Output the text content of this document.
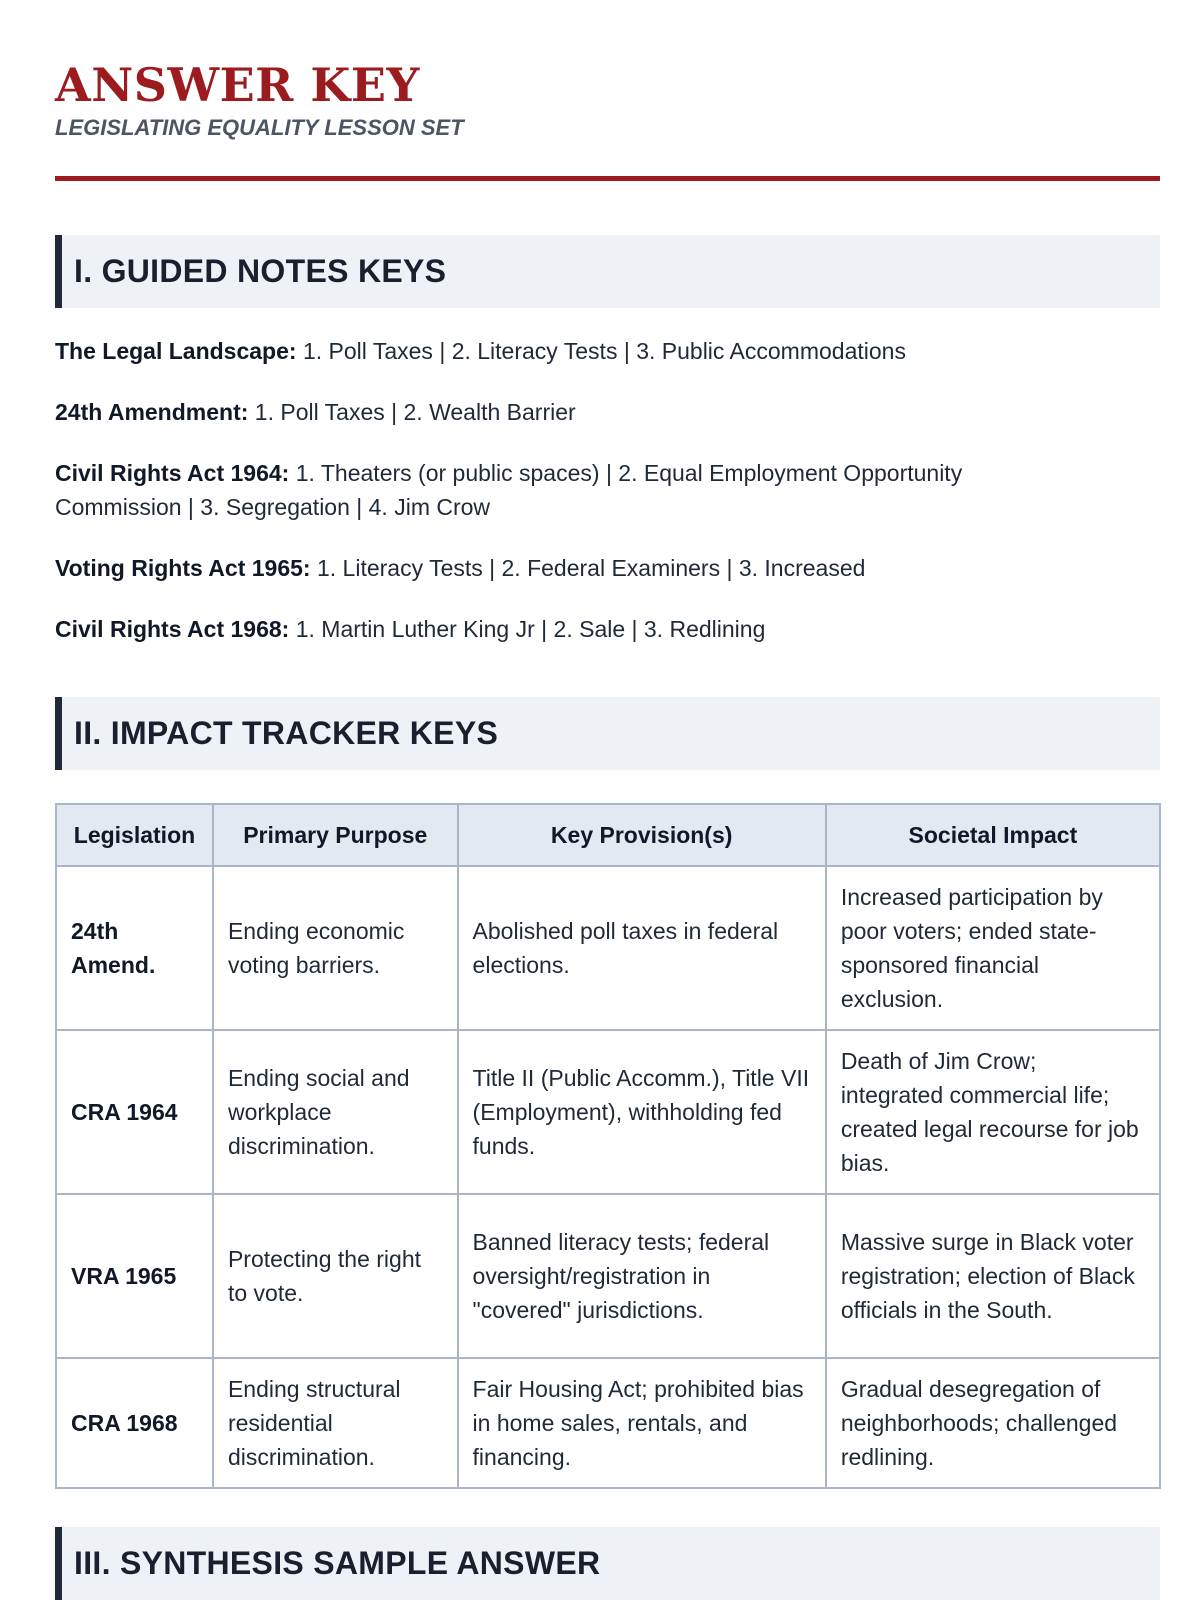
ANSWER KEY
LEGISLATING EQUALITY LESSON SET
I. GUIDED NOTES KEYS
The Legal Landscape: 1. Poll Taxes | 2. Literacy Tests | 3. Public Accommodations
24th Amendment: 1. Poll Taxes | 2. Wealth Barrier
Civil Rights Act 1964: 1. Theaters (or public spaces) | 2. Equal Employment Opportunity Commission | 3. Segregation | 4. Jim Crow
Voting Rights Act 1965: 1. Literacy Tests | 2. Federal Examiners | 3. Increased
Civil Rights Act 1968: 1. Martin Luther King Jr | 2. Sale | 3. Redlining
II. IMPACT TRACKER KEYS
Legislation	Primary Purpose	Key Provision(s)	Societal Impact
24th Amend.	Ending economic voting barriers.	Abolished poll taxes in federal elections.	Increased participation by poor voters; ended state-sponsored financial exclusion.
CRA 1964	Ending social and workplace discrimination.	Title II (Public Accomm.), Title VII (Employment), withholding fed funds.	Death of Jim Crow; integrated commercial life; created legal recourse for job bias.
VRA 1965	Protecting the right to vote.	Banned literacy tests; federal oversight/registration in "covered" jurisdictions.	Massive surge in Black voter registration; election of Black officials in the South.
CRA 1968	Ending structural residential discrimination.	Fair Housing Act; prohibited bias in home sales, rentals, and financing.	Gradual desegregation of neighborhoods; challenged redlining.
III. SYNTHESIS SAMPLE ANSWER
